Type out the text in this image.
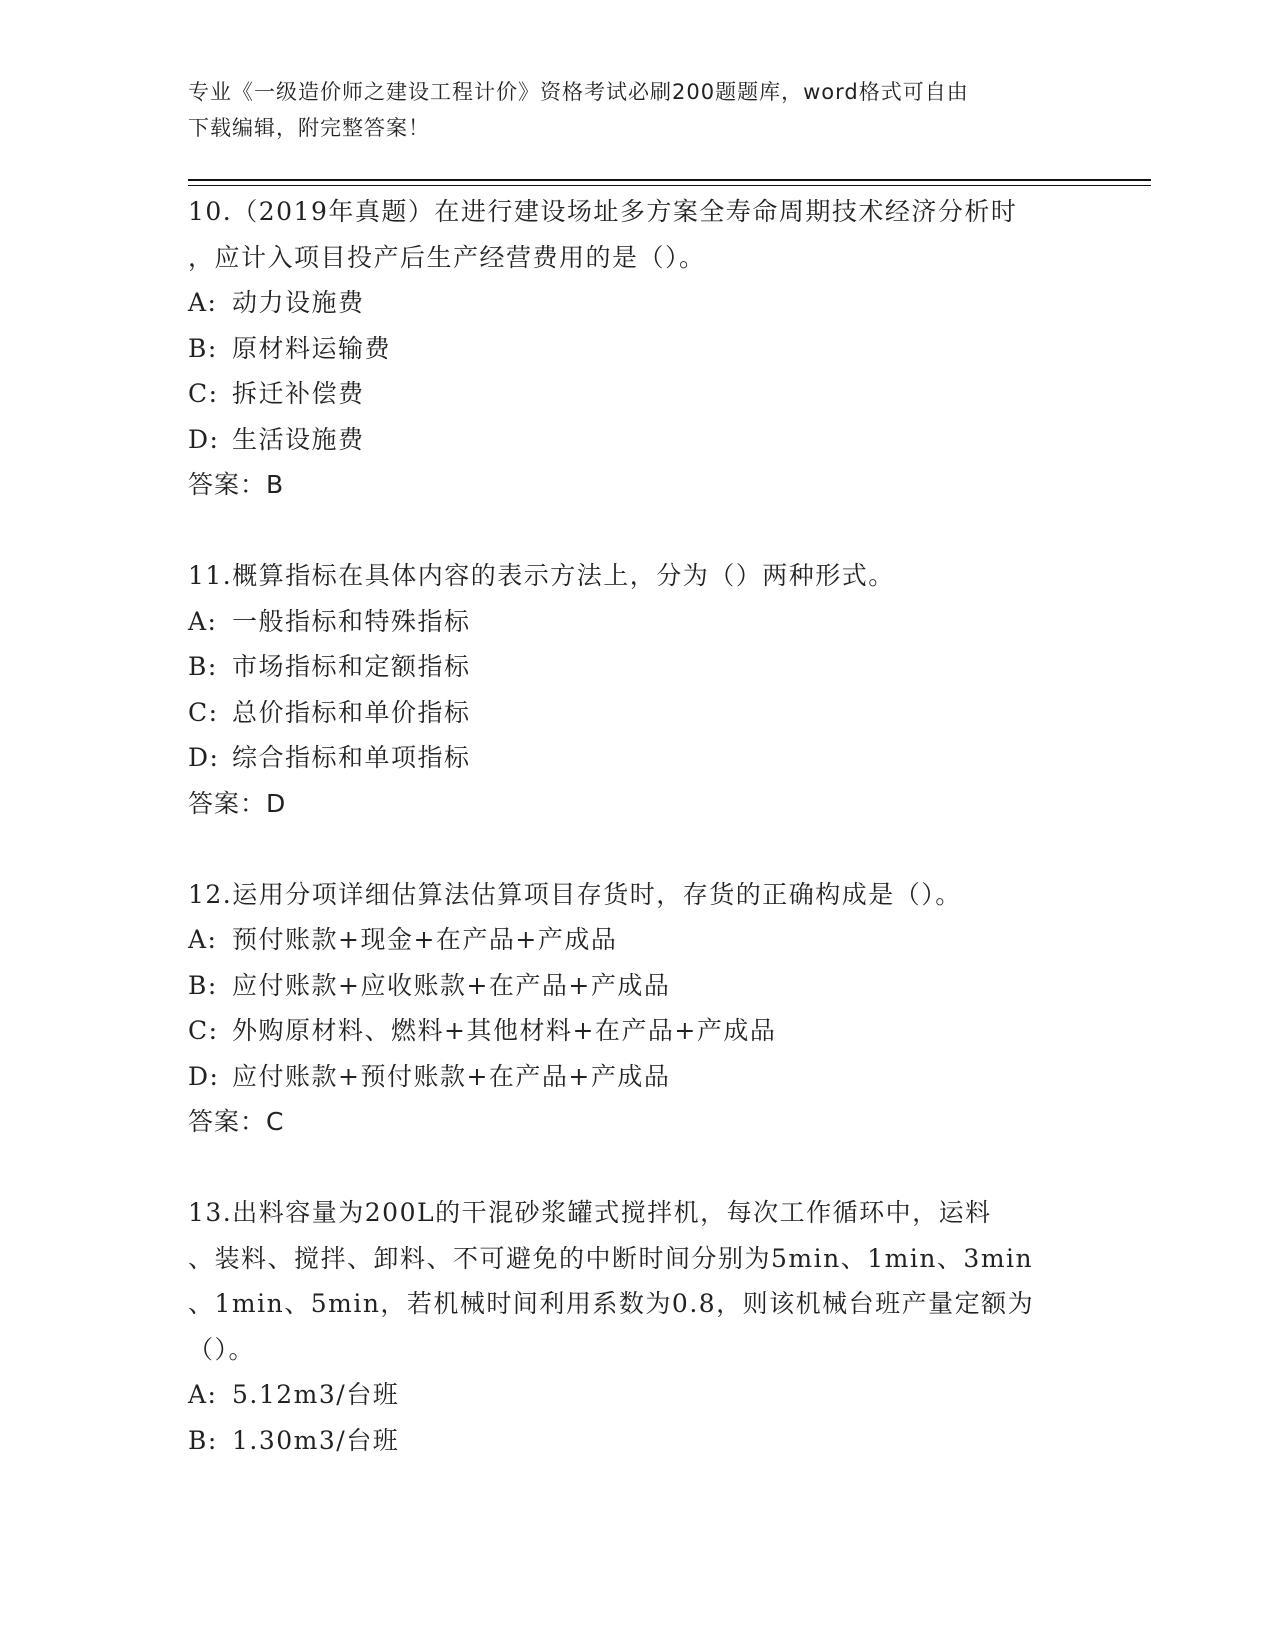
专业《一级造价师之建设工程计价》资格考试必刷200题题库，word格式可自由
下载编辑，附完整答案！
10.（2019年真题）在进行建设场址多方案全寿命周期技术经济分析时
，应计入项目投产后生产经营费用的是（）。
A: 动力设施费
B: 原材料运输费
C: 拆迁补偿费
D: 生活设施费
答案：B
11.概算指标在具体内容的表示方法上，分为（）两种形式。
A: 一般指标和特殊指标
B: 市场指标和定额指标
C: 总价指标和单价指标
D: 综合指标和单项指标
答案：D
12.运用分项详细估算法估算项目存货时，存货的正确构成是（）。
A: 预付账款+现金+在产品+产成品
B: 应付账款+应收账款+在产品+产成品
C: 外购原材料、燃料+其他材料+在产品+产成品
D: 应付账款+预付账款+在产品+产成品
答案：C
13.出料容量为200L的干混砂浆罐式搅拌机，每次工作循环中，运料
、装料、搅拌、卸料、不可避免的中断时间分别为5min、1min、3min
、1min、5min，若机械时间利用系数为0.8，则该机械台班产量定额为
（）。
A: 5.12m3/台班
B: 1.30m3/台班
